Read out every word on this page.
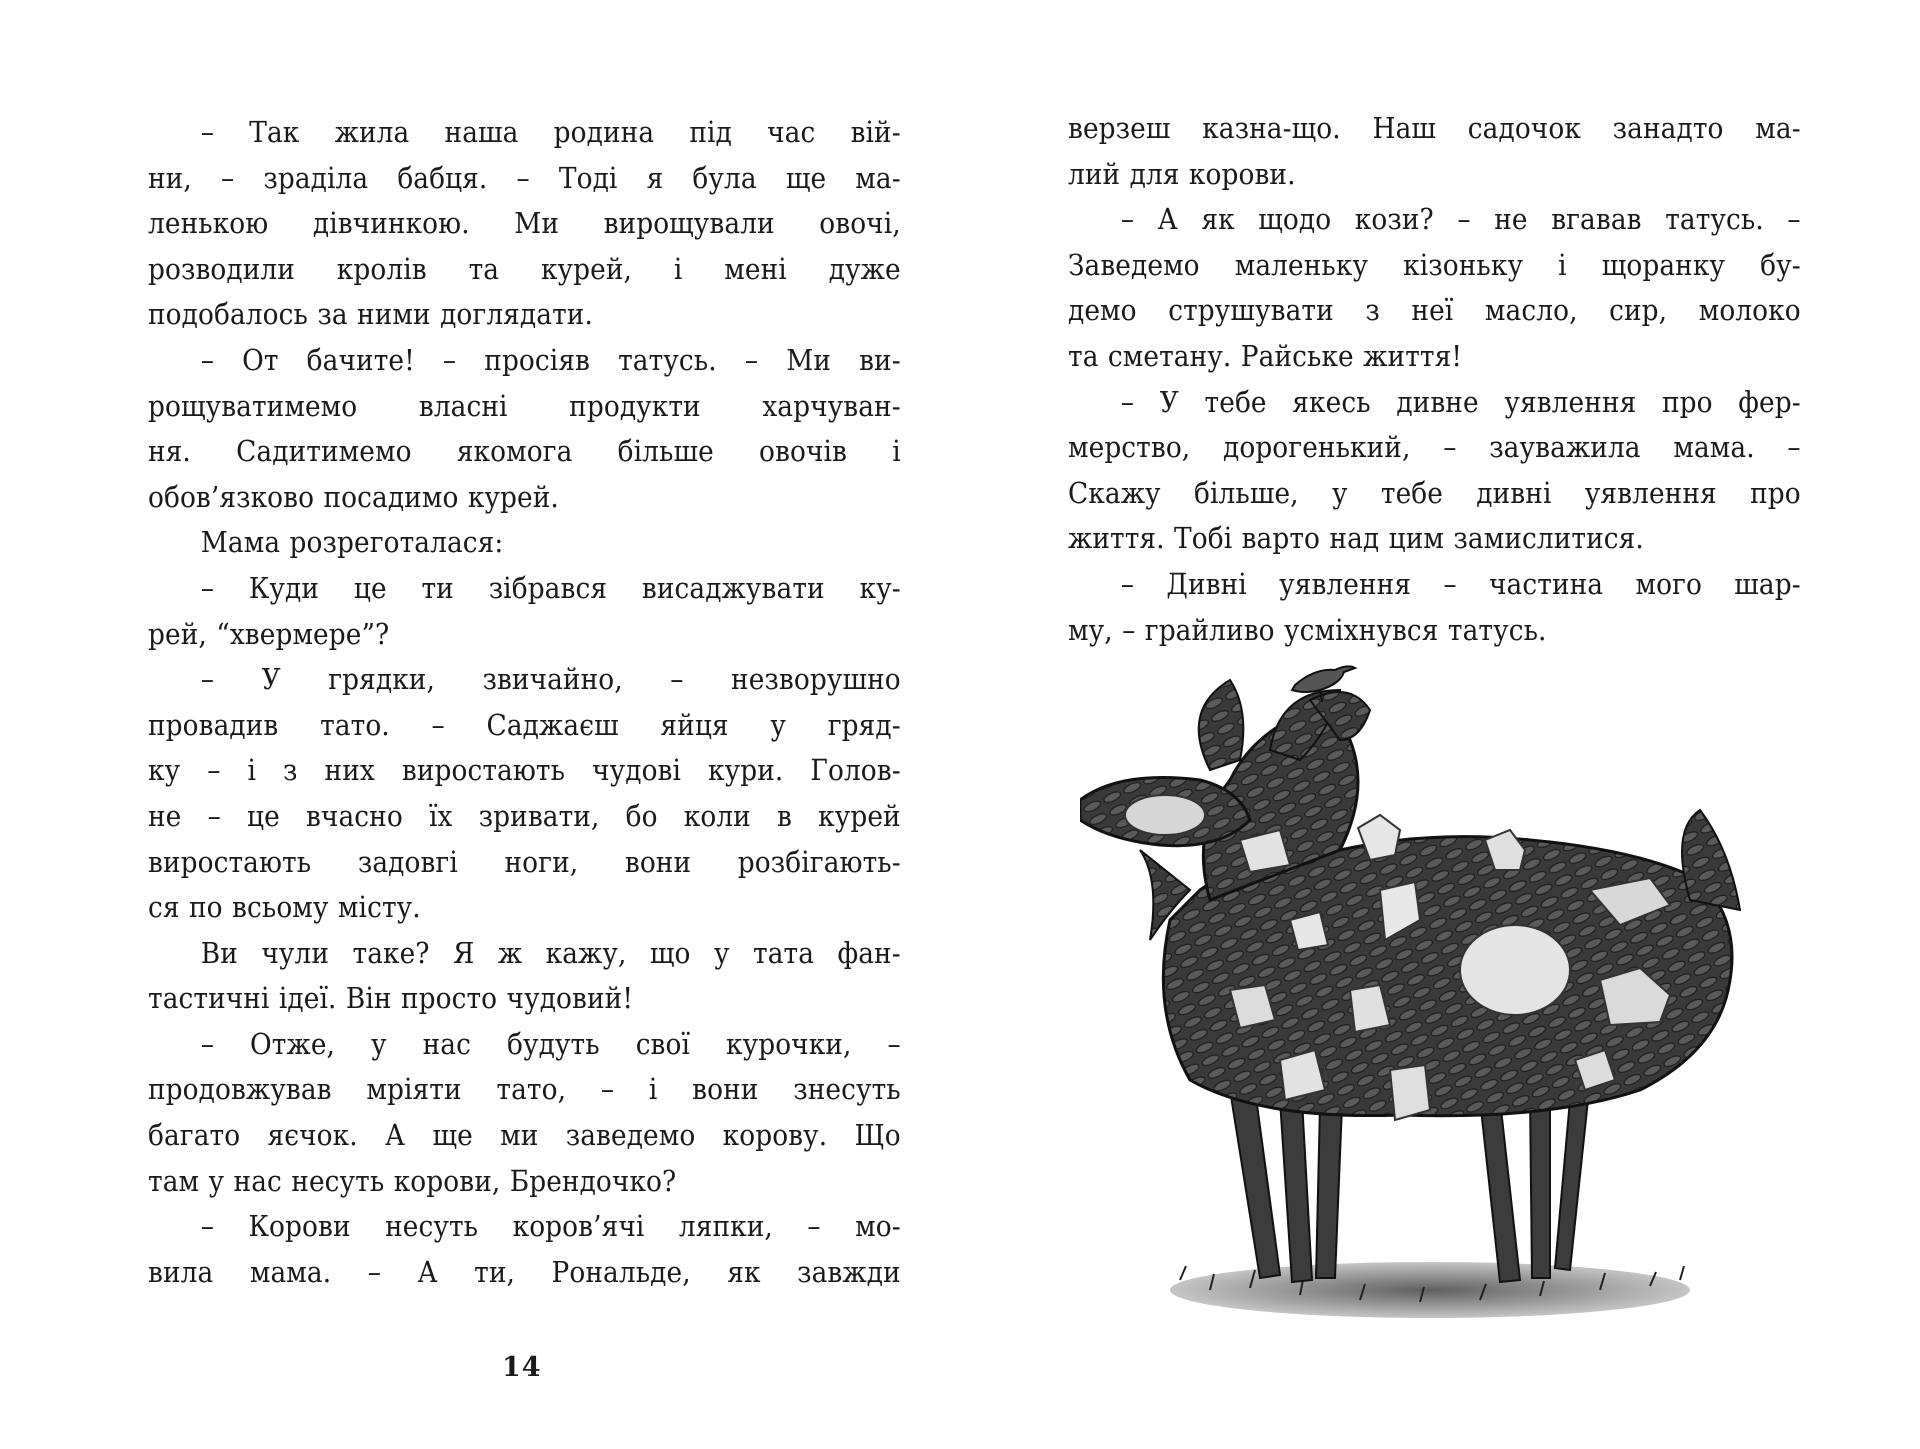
– Так жила наша родина під час вій-
ни, – зраділа бабця. – Тоді я була ще ма-
ленькою дівчинкою. Ми вирощували овочі,
розводили кролів та курей, і мені дуже
подобалось за ними доглядати.
– От бачите! – просіяв татусь. – Ми ви-
рощуватимемо власні продукти харчуван-
ня. Садитимемо якомога більше овочів і
обов’язково посадимо курей.
Мама розреготалася:
– Куди це ти зібрався висаджувати ку-
рей, “хвермере”?
– У грядки, звичайно, – незворушно
провадив тато. – Саджаєш яйця у гряд-
ку – і з них виростають чудові кури. Голов-
не – це вчасно їх зривати, бо коли в курей
виростають задовгі ноги, вони розбігають-
ся по всьому місту.
Ви чули таке? Я ж кажу, що у тата фан-
тастичні ідеї. Він просто чудовий!
– Отже, у нас будуть свої курочки, –
продовжував мріяти тато, – і вони знесуть
багато яєчок. А ще ми заведемо корову. Що
там у нас несуть корови, Брендочко?
– Корови несуть коров’ячі ляпки, – мо-
вила мама. – А ти, Рональде, як завжди
14
верзеш казна-що. Наш садочок занадто ма-
лий для корови.
– А як щодо кози? – не вгавав татусь. –
Заведемо маленьку кізоньку і щоранку бу-
демо струшувати з неї масло, сир, молоко
та сметану. Райське життя!
– У тебе якесь дивне уявлення про фер-
мерство, дорогенький, – зауважила мама. –
Скажу більше, у тебе дивні уявлення про
життя. Тобі варто над цим замислитися.
– Дивні уявлення – частина мого шар-
му, – грайливо усміхнувся татусь.
